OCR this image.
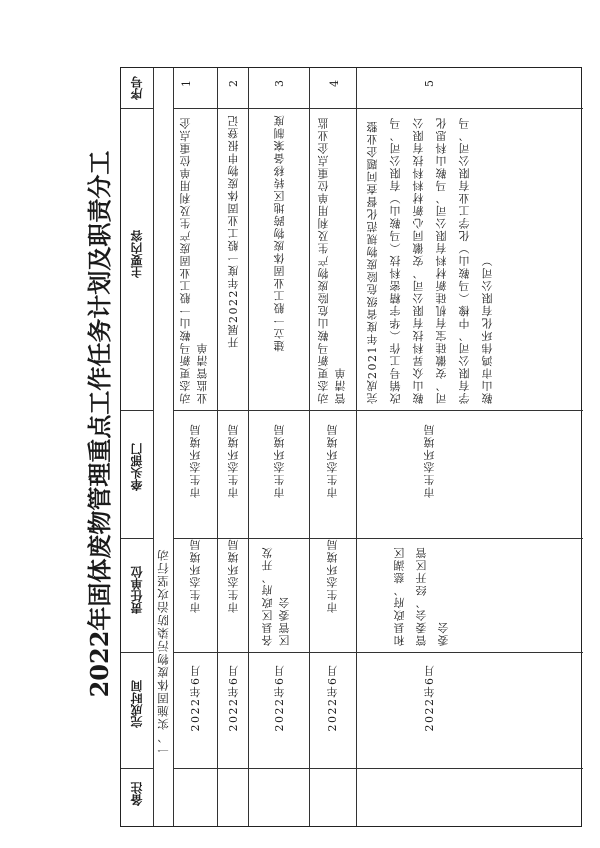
2022年固体废物管理重点工作任务计划及职责分工
序号
主要内容
牵头部门
责任单位
完成时间
备注
一、实施固体废物污染防治攻坚行动
1
动态更新马鞍山一般工业固废产生及利用单位重点企业监管清单
市生态环境局
市生态环境局
2022年6月
2
开展2022年度一般工业固体废物申报登记
市生态环境局
市生态环境局
2022年6月
3
建立一般工业固体废物跨地区转移备案制度
市生态环境局
各县区政府、开发区管委会
2022年6月
4
动态更新马鞍山危险废物产生及利用单位重点企业监管清单
市生态环境局
市生态环境局
2022年6月
5
完成2021年度省级危险废物规范化督查问题企业整改销号工作（华宇精密科技（马鞍山）有限公司、马鞍山众昇科技有限公司、安徽同心新材料科技有限公司、安徽硅宝有机硅新材料有限公司、马鞍山科思化学有限公司、中橡（马鞍山）化学工业有限公司、马鞍山市鸿伟环化有限公司）
市生态环境局
和县政府、慈湖区管委会、经开区管委会
2022年6月
